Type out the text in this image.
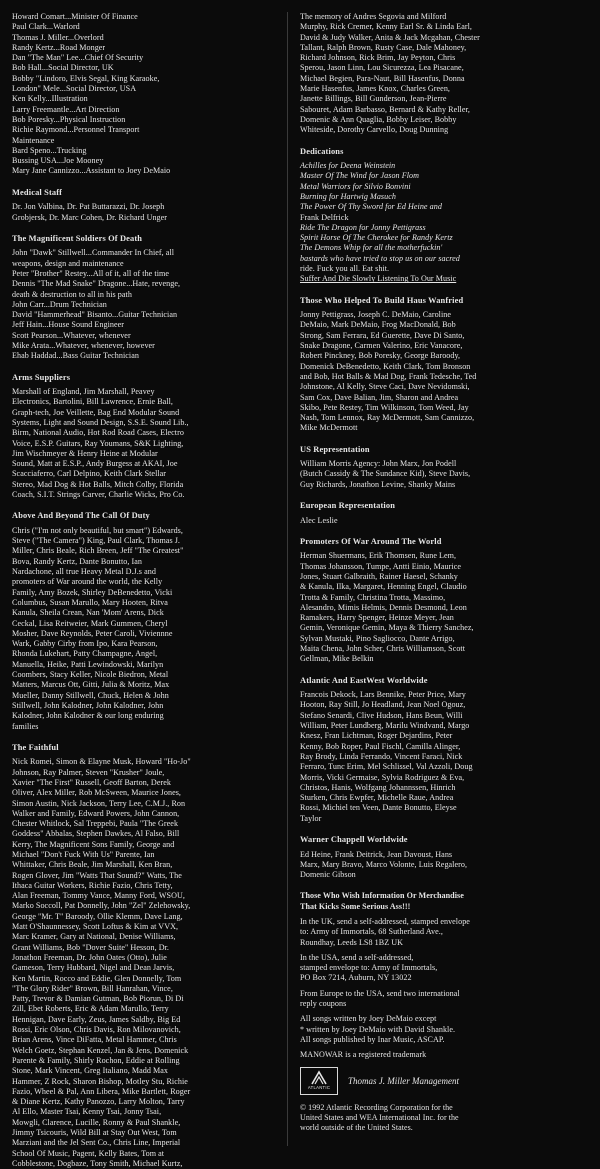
Howard Comart...Minister Of Finance
Paul Clark...Warlord
Thomas J. Miller...Overlord
Randy Kertz...Road Monger
Dan "The Man" Lee...Chief Of Security
Bob Hall...Social Director, UK
Bobby "Lindoro, Elvis Segal, King Karaoke,
London" Mele...Social Director, USA
Ken Kelly...Illustration
Larry Freemantle...Art Direction
Bob Poresky...Physical Instruction
Richie Raymond...Personnel Transport
Maintenance
Bard Speno...Trucking
Bussing USA...Joe Mooney
Mary Jane Cannizzo...Assistant to Joey DeMaio
Medical Staff
Dr. Jon Valbina, Dr. Pat Buttarazzi, Dr. Joseph
Grobjersk, Dr. Marc Cohen, Dr. Richard Unger
The Magnificent Soldiers Of Death
John "Dawk" Stillwell...Commander In Chief, all
weapons, design and maintenance
Peter "Brother" Restey...All of it, all of the time
Dennis "The Mad Snake" Dragone...Hate, revenge,
death & destruction to all in his path
John Carr...Drum Technician
David "Hammerhead" Bisanto...Guitar Technician
Jeff Hain...House Sound Engineer
Scott Pearson...Whatever, whenever
Mike Arata...Whatever, whenever, however
Ehab Haddad...Bass Guitar Technician
Arms Suppliers
Marshall of England, Jim Marshall, Peavey
Electronics, Bartolini, Bill Lawrence, Ernie Ball,
Graph-tech, Joe Veillette, Bag End Modular Sound
Systems, Light and Sound Design, S.S.E. Sound Lib.,
Birm, National Audio, Hot Rod Road Cases, Electro
Voice, E.S.P. Guitars, Ray Youmans, S&K Lighting,
Jim Wischmeyer & Henry Heine at Modular
Sound, Matt at E.S.P., Andy Burgess at AKAI, Joe
Scacciaferro, Carl Delpino, Keith Clark Stellar
Stereo, Mad Dog & Hot Balls, Mitch Colby, Florida
Coach, S.I.T. Strings Carver, Charlie Wicks, Pro Co.
Above And Beyond The Call Of Duty
Chris ("I'm not only beautiful, but smart") Edwards,
Steve ("The Camera") King, Paul Clark, Thomas J.
Miller, Chris Beale, Rich Breen, Jeff "The Greatest"
Bova, Randy Kertz, Dante Bonutto, Ian
Nardachone, all true Heavy Metal D.J.s and
promoters of War around the world, the Kelly
Family, Amy Bozek, Shirley DeBenedetto, Vicki
Columbus, Susan Marullo, Mary Hooten, Ritva
Kanula, Sheila Crean, Nan 'Mom' Arens, Dick
Ceckal, Lisa Reitweier, Mark Gummen, Cheryl
Mosher, Dave Reynolds, Peter Caroli, Viviennne
Wark, Gabby Cirby from Ipo, Kara Pearson,
Rhonda Lukehart, Patty Champagne, Angel,
Manuella, Heike, Patti Lewindowski, Marilyn
Coombers, Stacy Keller, Nicole Biedron, Metal
Matters, Marcus Ott, Gitti, Julia & Moritz, Max
Mueller, Danny Stillwell, Chuck, Helen & John
Stillwell, John Kalodner, John Kalodner, John
Kalodner, John Kalodner & our long enduring
families
The Faithful
Nick Romei, Simon & Elayne Musk, Howard "Ho-Jo"
Johnson, Ray Palmer, Steven "Krusher" Joule,
Xavier "The First" Russell, Geoff Barton, Derek
Oliver, Alex Miller, Rob McSween, Maurice Jones,
Simon Austin, Nick Jackson, Terry Lee, C.M.J., Ron
Walker and Family, Edward Powers, John Cannon,
Chester Whitlock, Sal Treppebi, Paula "The Greek
Goddess" Abbalas, Stephen Dawkes, Al Falso, Bill
Kerry, The Magnificent Sons Family, George and
Michael "Don't Fuck With Us" Parente, Ian
Whittaker, Chris Beale, Jim Marshall, Ken Bran,
Rogen Glover, Jim "Watts That Sound?" Watts, The
Ithaca Guitar Workers, Richie Fazio, Chris Tetty,
Alan Freeman, Tommy Vance, Manny Ford, WSOU,
Marko Soccoll, Pat Donnelly, John "Zel" Zelehowsky,
George "Mr. T" Baroody, Ollie Klemm, Dave Lang,
Matt O'Shaunnessey, Scott Loftus & Kim at VVX,
Marc Kramer, Gary at National, Denise Williams,
Grant Williams, Bob "Dover Suite" Hesson, Dr.
Jonathon Freeman, Dr. John Oates (Otto), Julie
Gameson, Terry Hubbard, Nigel and Dean Jarvis,
Ken Martin, Rocco and Eddie, Glen Donnelly, Tom
"The Glory Rider" Brown, Bill Hanrahan, Vince,
Patty, Trevor & Damian Gutman, Bob Piorun, Di Di
Zill, Ebet Roberts, Eric & Adam Marullo, Terry
Hennigan, Dave Early, Zeus, James Saldby, Big Ed
Rossi, Eric Olson, Chris Davis, Ron Milovanovich,
Brian Arens, Vince DiFatta, Metal Hammer, Chris
Welch Goetz, Stephan Kenzel, Jan & Jens, Domenick
Parente & Family, Shirly Rochon, Eddie at Rolling
Stone, Mark Vincent, Greg Italiano, Madd Max
Hammer, Z Rock, Sharon Bishop, Motley Stu, Richie
Fazio, Wheel & Pal, Ann Libera, Mike Bartlett, Roger
& Diane Kertz, Kathy Panozzo, Larry Molton, Tarry
Al Ello, Master Tsai, Kenny Tsai, Jonny Tsai,
Mowgli, Clarence, Lucille, Ronny & Paul Shankle,
Jimmy Tsicouris, Wild Bill at Stay Out West, Tom
Marziani and the Jel Sent Co., Chris Line, Imperial
School Of Music, Pagent, Kelly Bates, Tom at
Cobblestone, Dogbaze, Tony Smith, Michael Kurtz,
The memory of Andres Segovia and Milford
Murphy, Rick Cremer, Kenny Earl Sr. & Linda Earl,
David & Judy Walker, Anita & Jack Mcgahan, Chester
Tallant, Ralph Brown, Rusty Case, Dale Mahoney,
Richard Johnson, Rick Brim, Jay Peyton, Chris
Sperou, Jason Linn, Lou Sicurezza, Lea Pisacane,
Michael Begien, Para-Naut, Bill Hasenfus, Donna
Marie Hasenfus, James Knox, Charles Green,
Janette Billings, Bill Gunderson, Jean-Pierre
Sabouret, Adam Barbasso, Bernard & Kathy Reller,
Domenic & Ann Quaglia, Bobby Leiser, Bobby
Whiteside, Dorothy Carvello, Doug Dunning
Dedications
Achilles for Deena Weinstein
Master Of The Wind for Jason Flom
Metal Warriors for Silvio Bonvini
Burning for Hartwig Masuch
The Power Of Thy Sword for Ed Heine and
Frank Delfrick
Ride The Dragon for Jonny Pettigrass
Spirit Horse Of The Cherokee for Randy Kertz
The Demons Whip for all the motherfuckin'
bastards who have tried to stop us on our sacred
ride. Fuck you all. Eat shit.
Suffer And Die Slowly Listening To Our Music
Those Who Helped To Build Haus Wanfried
Jonny Pettigrass, Joseph C. DeMaio, Caroline
DeMaio, Mark DeMaio, Frog MacDonald, Bob
Strong, Sam Ferrara, Ed Guerette, Dave Di Santo,
Snake Dragone, Carmen Valerino, Eric Vanacore,
Robert Pinckney, Bob Poresky, George Baroody,
Domenick DeBenedetto, Keith Clark, Tom Bronson
and Bob, Hot Balls & Mad Dog, Frank Tedesche, Ted
Johnstone, Al Kelly, Steve Caci, Dave Nevidomski,
Sam Cox, Dave Balian, Jim, Sharon and Andrea
Skibo, Pete Restey, Tim Wilkinson, Tom Weed, Jay
Nash, Tom Lennox, Ray McDermott, Sam Cannizzo,
Mike McDermott
US Representation
William Morris Agency: John Marx, Jon Podell
(Butch Cassidy & The Sundance Kid), Steve Davis,
Guy Richards, Jonathon Levine, Shanky Mains
European Representation
Alec Leslie
Promoters Of War Around The World
Herman Shuermans, Erik Thomsen, Rune Lem,
Thomas Johansson, Tumpe, Antti Einio, Maurice
Jones, Stuart Galbraith, Rainer Haesel, Schanky
& Kanula, Ilka, Margaret, Henning Engel, Claudio
Trotta & Family, Christina Trotta, Massimo,
Alesandro, Mimis Helmis, Dennis Desmond, Leon
Ramakers, Harry Spenger, Heinze Meyer, Jean
Gemin, Veronique Gemin, Maya & Thierry Sanchez,
Sylvan Mustaki, Pino Sagliocco, Dante Arrigo,
Maita Chena, John Scher, Chris Williamson, Scott
Gellman, Mike Belkin
Atlantic And EastWest Worldwide
Francois Dekock, Lars Bennike, Peter Price, Mary
Hooton, Ray Still, Jo Headland, Jean Noel Ogouz,
Stefano Senardi, Clive Hudson, Hans Beun, Willi
William, Peter Lundberg, Marilu Windvand, Margo
Knesz, Fran Lichtman, Roger Dejardins, Peter
Kenny, Bob Roper, Paul Fischl, Camilla Alinger,
Ray Brody, Linda Ferrando, Vincent Faraci, Nick
Ferraro, Tunc Erim, Mel Schlissel, Val Azzoli, Doug
Morris, Vicki Germaise, Sylvia Rodriguez & Eva,
Christos, Hanis, Wolfgang Johannssen, Hinrich
Sturken, Chris Ewpfer, Michelle Raue, Andrea
Rossi, Michiel ten Veen, Dante Bonutto, Eleyse
Taylor
Warner Chappell Worldwide
Ed Heine, Frank Deitrick, Jean Davoust, Hans
Marx, Mary Bravo, Marco Volonte, Luis Regalero,
Domenic Gibson
Those Who Wish Information Or Merchandise
That Kicks Some Serious Ass!!!
In the UK, send a self-addressed, stamped envelope
to: Army of Immortals, 68 Sutherland Ave.,
Roundhay, Leeds LS8 1BZ UK
In the USA, send a self-addressed,
stamped envelope to: Army of Immortals,
PO Box 7214, Auburn, NY 13022
From Europe to the USA, send two international
reply coupons
All songs written by Joey DeMaio except
* written by Joey DeMaio with David Shankle.
All songs published by Inar Music, ASCAP.
MANOWAR is a registered trademark
ATLANTIC
Thomas J. Miller Management
© 1992 Atlantic Recording Corporation for the
United States and WEA International Inc. for the
world outside of the United States.
